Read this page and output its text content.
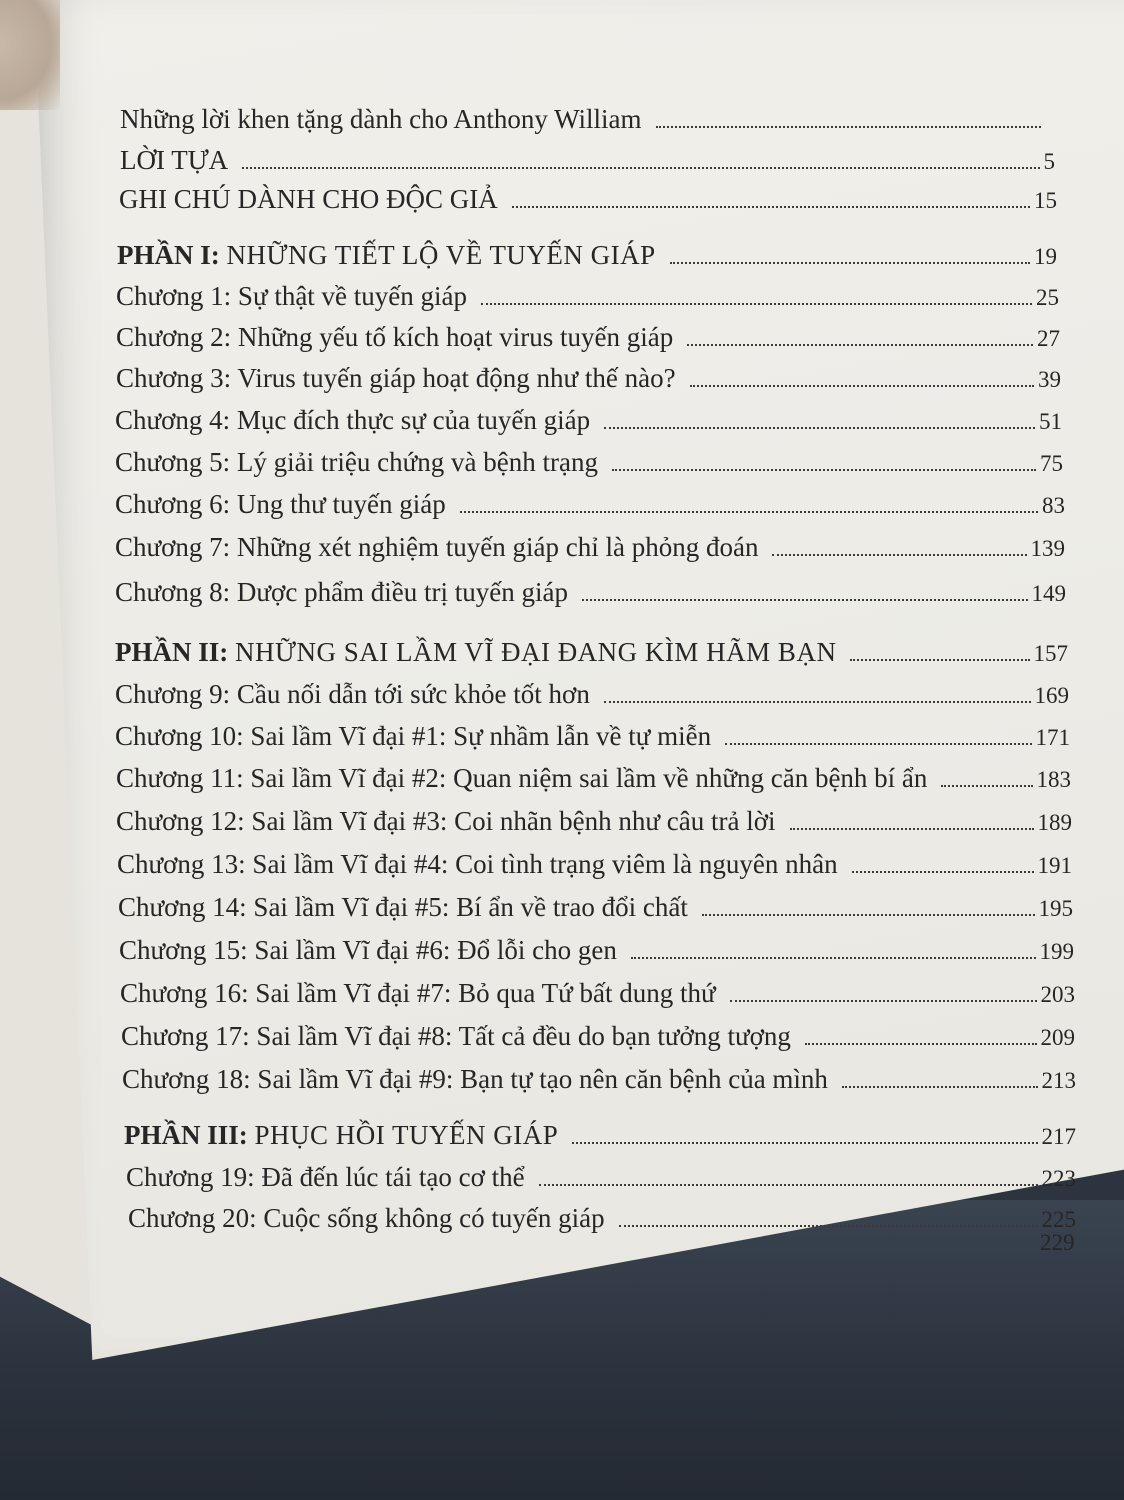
Những lời khen tặng dành cho Anthony William
LỜI TỰA	5
GHI CHÚ DÀNH CHO ĐỘC GIẢ	15
PHẦN I: NHỮNG TIẾT LỘ VỀ TUYẾN GIÁP	19
Chương 1: Sự thật về tuyến giáp	25
Chương 2: Những yếu tố kích hoạt virus tuyến giáp	27
Chương 3: Virus tuyến giáp hoạt động như thế nào?	39
Chương 4: Mục đích thực sự của tuyến giáp	51
Chương 5: Lý giải triệu chứng và bệnh trạng	75
Chương 6: Ung thư tuyến giáp	83
Chương 7: Những xét nghiệm tuyến giáp chỉ là phỏng đoán	139
Chương 8: Dược phẩm điều trị tuyến giáp	149
PHẦN II: NHỮNG SAI LẦM VĨ ĐẠI ĐANG KÌM HÃM BẠN	157
Chương 9: Cầu nối dẫn tới sức khỏe tốt hơn	169
Chương 10: Sai lầm Vĩ đại #1: Sự nhầm lẫn về tự miễn	171
Chương 11: Sai lầm Vĩ đại #2: Quan niệm sai lầm về những căn bệnh bí ẩn	183
Chương 12: Sai lầm Vĩ đại #3: Coi nhãn bệnh như câu trả lời	189
Chương 13: Sai lầm Vĩ đại #4: Coi tình trạng viêm là nguyên nhân	191
Chương 14: Sai lầm Vĩ đại #5: Bí ẩn về trao đổi chất	195
Chương 15: Sai lầm Vĩ đại #6: Đổ lỗi cho gen	199
Chương 16: Sai lầm Vĩ đại #7: Bỏ qua Tứ bất dung thứ	203
Chương 17: Sai lầm Vĩ đại #8: Tất cả đều do bạn tưởng tượng	209
Chương 18: Sai lầm Vĩ đại #9: Bạn tự tạo nên căn bệnh của mình	213
PHẦN III: PHỤC HỒI TUYẾN GIÁP	217
Chương 19: Đã đến lúc tái tạo cơ thể	223
Chương 20: Cuộc sống không có tuyến giáp	225
229
